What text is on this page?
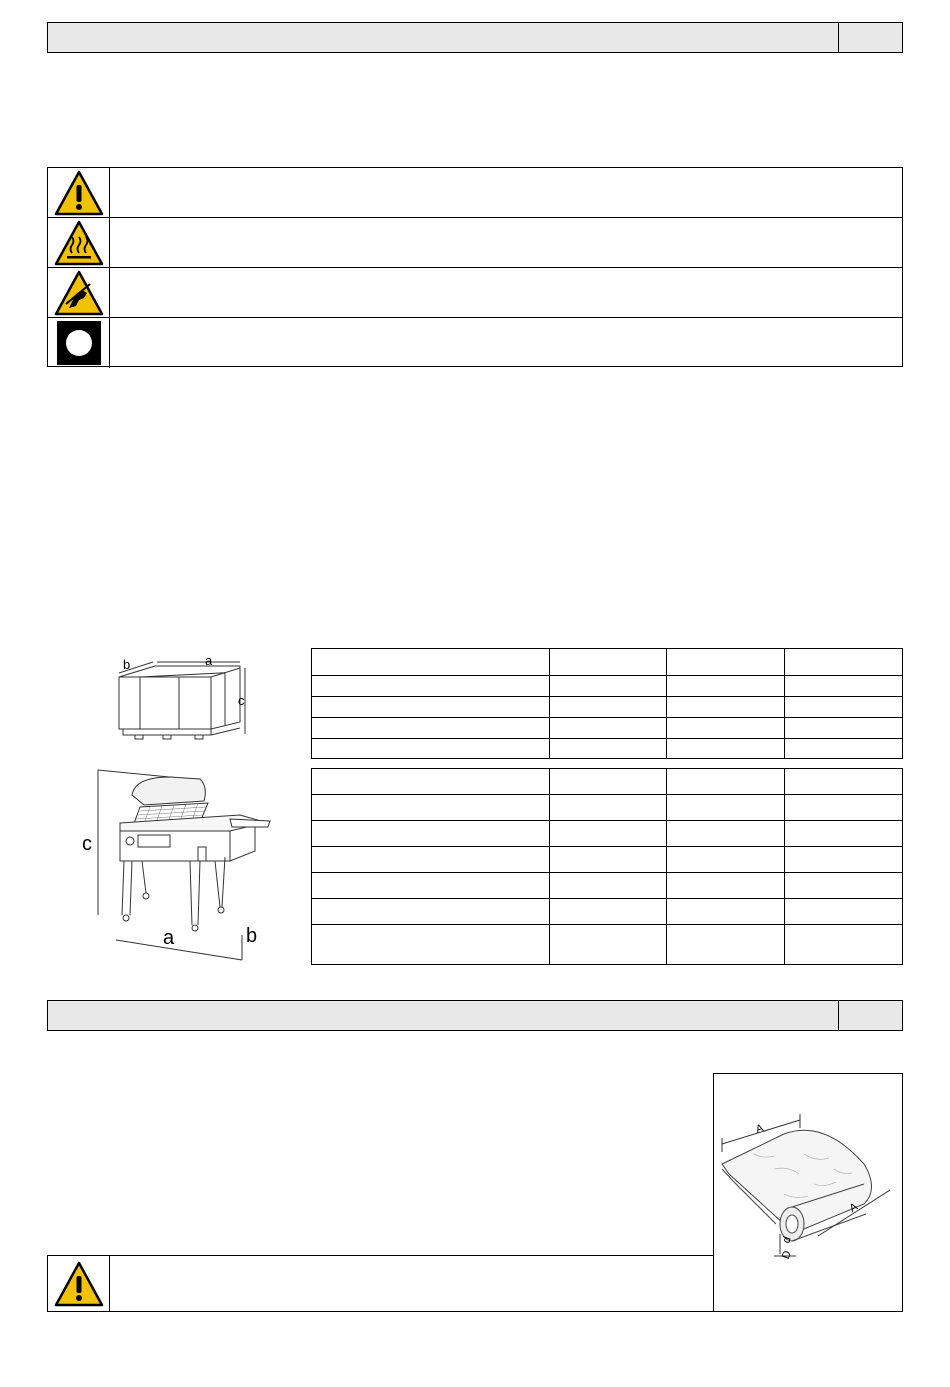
b	a
c
c
a	b
A
A
d
D
